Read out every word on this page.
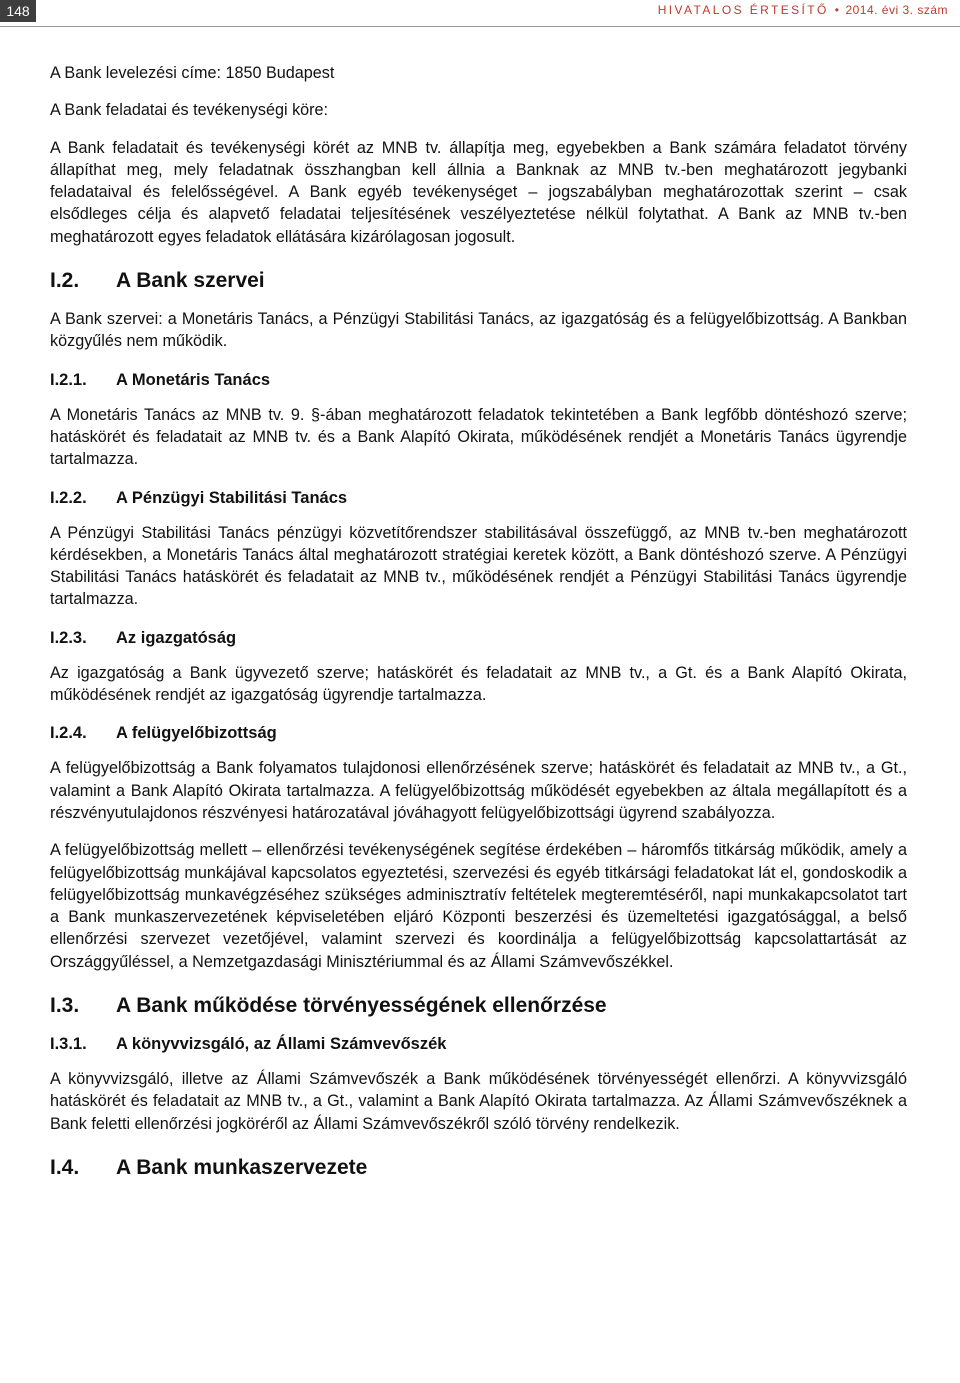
148	HIVATALOS ÉRTESÍTŐ • 2014. évi 3. szám

A Bank levelezési címe: 1850 Budapest

A Bank feladatai és tevékenységi köre:

A Bank feladatait és tevékenységi körét az MNB tv. állapítja meg, egyebekben a Bank számára feladatot törvény állapíthat meg, mely feladatnak összhangban kell állnia a Banknak az MNB tv.-ben meghatározott jegybanki feladataival és felelősségével. A Bank egyéb tevékenységet – jogszabályban meghatározottak szerint – csak elsődleges célja és alapvető feladatai teljesítésének veszélyeztetése nélkül folytathat. A Bank az MNB tv.-ben meghatározott egyes feladatok ellátására kizárólagosan jogosult.

I.2.	A Bank szervei

A Bank szervei: a Monetáris Tanács, a Pénzügyi Stabilitási Tanács, az igazgatóság és a felügyelőbizottság. A Bankban közgyűlés nem működik.

I.2.1.	A Monetáris Tanács

A Monetáris Tanács az MNB tv. 9. §-ában meghatározott feladatok tekintetében a Bank legfőbb döntéshozó szerve; hatáskörét és feladatait az MNB tv. és a Bank Alapító Okirata, működésének rendjét a Monetáris Tanács ügyrendje tartalmazza.

I.2.2.	A Pénzügyi Stabilitási Tanács

A Pénzügyi Stabilitási Tanács pénzügyi közvetítőrendszer stabilitásával összefüggő, az MNB tv.-ben meghatározott kérdésekben, a Monetáris Tanács által meghatározott stratégiai keretek között, a Bank döntéshozó szerve. A Pénzügyi Stabilitási Tanács hatáskörét és feladatait az MNB tv., működésének rendjét a Pénzügyi Stabilitási Tanács ügyrendje tartalmazza.

I.2.3.	Az igazgatóság

Az igazgatóság a Bank ügyvezető szerve; hatáskörét és feladatait az MNB tv., a Gt. és a Bank Alapító Okirata, működésének rendjét az igazgatóság ügyrendje tartalmazza.

I.2.4.	A felügyelőbizottság

A felügyelőbizottság a Bank folyamatos tulajdonosi ellenőrzésének szerve; hatáskörét és feladatait az MNB tv., a Gt., valamint a Bank Alapító Okirata tartalmazza. A felügyelőbizottság működését egyebekben az általa megállapított és a részvényutulajdonos részvényesi határozatával jóváhagyott felügyelőbizottsági ügyrend szabályozza.

A felügyelőbizottság mellett – ellenőrzési tevékenységének segítése érdekében – háromfős titkárság működik, amely a felügyelőbizottság munkájával kapcsolatos egyeztetési, szervezési és egyéb titkársági feladatokat lát el, gondoskodik a felügyelőbizottság munkavégzéséhez szükséges adminisztratív feltételek megteremtéséről, napi munkakapcsolatot tart a Bank munkaszervezetének képviseletében eljáró Központi beszerzési és üzemeltetési igazgatósággal, a belső ellenőrzési szervezet vezetőjével, valamint szervezi és koordinálja a felügyelőbizottság kapcsolattartását az Országgyűléssel, a Nemzetgazdasági Minisztériummal és az Állami Számvevőszékkel.

I.3.	A Bank működése törvényességének ellenőrzése
I.3.1.	A könyvvizsgáló, az Állami Számvevőszék

A könyvvizsgáló, illetve az Állami Számvevőszék a Bank működésének törvényességét ellenőrzi. A könyvvizsgáló hatáskörét és feladatait az MNB tv., a Gt., valamint a Bank Alapító Okirata tartalmazza. Az Állami Számvevőszéknek a Bank feletti ellenőrzési jogköréről az Állami Számvevőszékről szóló törvény rendelkezik.

I.4.	A Bank munkaszervezete
